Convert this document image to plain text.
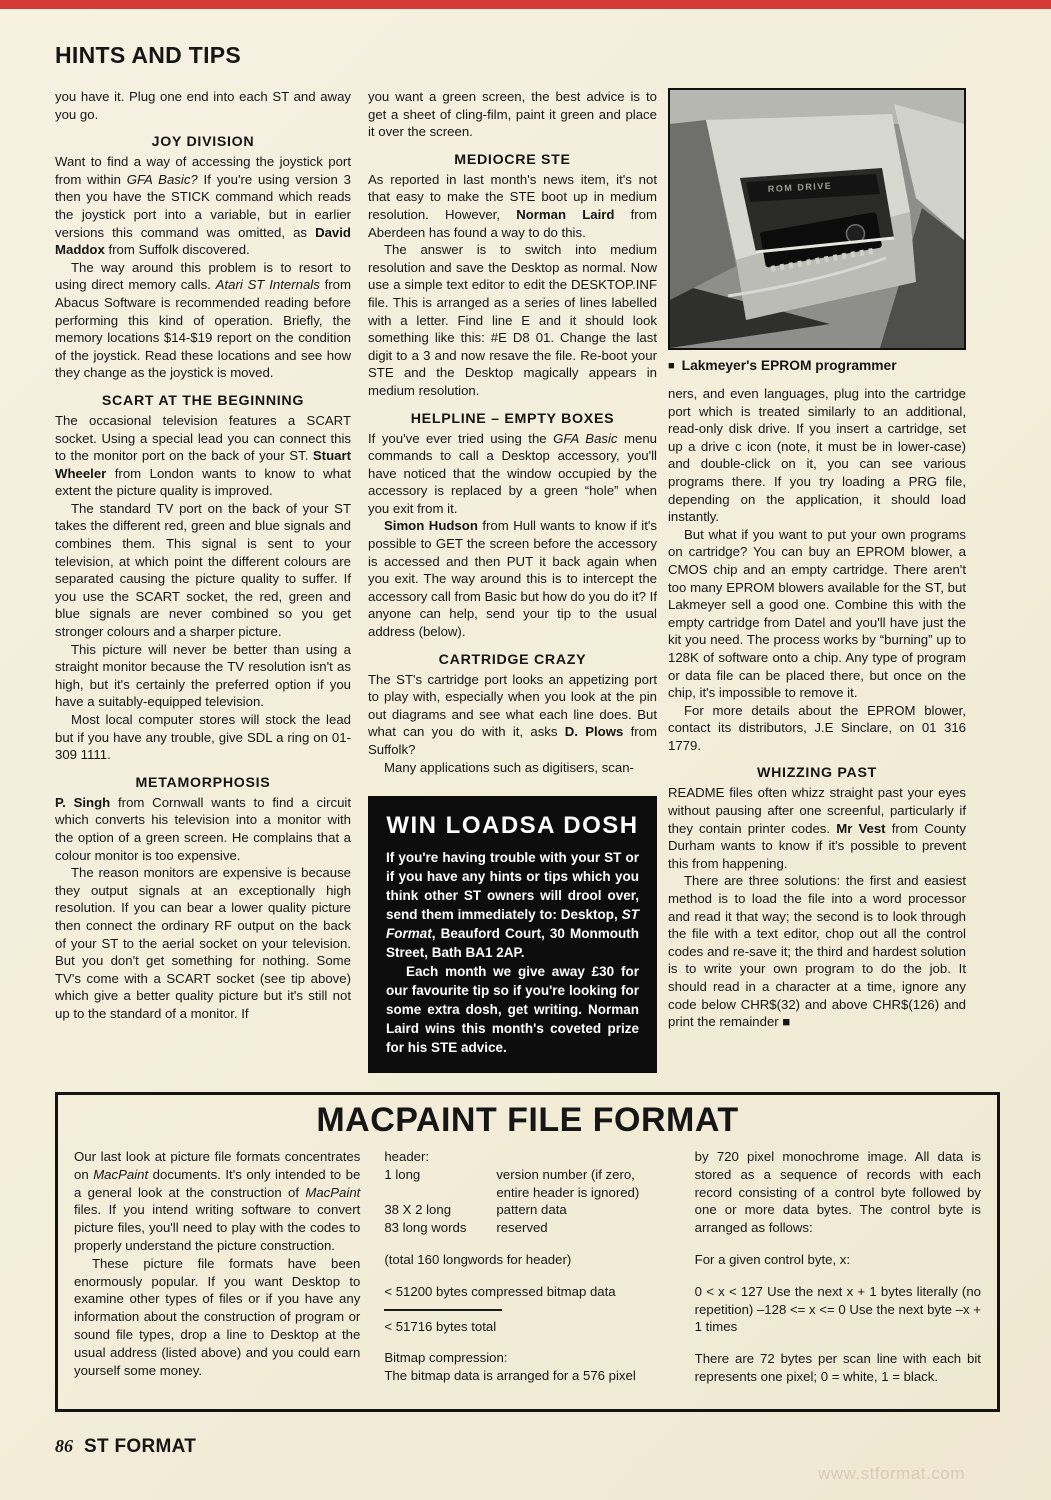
HINTS AND TIPS

you have it. Plug one end into each ST and away you go.

JOY DIVISION

Want to find a way of accessing the joystick port from within GFA Basic? If you're using version 3 then you have the STICK command which reads the joystick port into a variable, but in earlier versions this command was omitted, as David Maddox from Suffolk discovered.

The way around this problem is to resort to using direct memory calls. Atari ST Internals from Abacus Software is recommended reading before performing this kind of operation. Briefly, the memory locations $14-$19 report on the condition of the joystick. Read these locations and see how they change as the joystick is moved.

SCART AT THE BEGINNING

The occasional television features a SCART socket. Using a special lead you can connect this to the monitor port on the back of your ST. Stuart Wheeler from London wants to know to what extent the picture quality is improved.

The standard TV port on the back of your ST takes the different red, green and blue signals and combines them. This signal is sent to your television, at which point the different colours are separated causing the picture quality to suffer. If you use the SCART socket, the red, green and blue signals are never combined so you get stronger colours and a sharper picture.

This picture will never be better than using a straight monitor because the TV resolution isn't as high, but it's certainly the preferred option if you have a suitably-equipped television.

Most local computer stores will stock the lead but if you have any trouble, give SDL a ring on 01-309 1111.

METAMORPHOSIS

P. Singh from Cornwall wants to find a circuit which converts his television into a monitor with the option of a green screen. He complains that a colour monitor is too expensive.

The reason monitors are expensive is because they output signals at an exceptionally high resolution. If you can bear a lower quality picture then connect the ordinary RF output on the back of your ST to the aerial socket on your television. But you don't get something for nothing. Some TV's come with a SCART socket (see tip above) which give a better quality picture but it's still not up to the standard of a monitor. If

you want a green screen, the best advice is to get a sheet of cling-film, paint it green and place it over the screen.

MEDIOCRE STE

As reported in last month's news item, it's not that easy to make the STE boot up in medium resolution. However, Norman Laird from Aberdeen has found a way to do this.

The answer is to switch into medium resolution and save the Desktop as normal. Now use a simple text editor to edit the DESKTOP.INF file. This is arranged as a series of lines labelled with a letter. Find line E and it should look something like this: #E D8 01. Change the last digit to a 3 and now resave the file. Re-boot your STE and the Desktop magically appears in medium resolution.

HELPLINE – EMPTY BOXES

If you've ever tried using the GFA Basic menu commands to call a Desktop accessory, you'll have noticed that the window occupied by the accessory is replaced by a green “hole” when you exit from it.

Simon Hudson from Hull wants to know if it's possible to GET the screen before the accessory is accessed and then PUT it back again when you exit. The way around this is to intercept the accessory call from Basic but how do you do it? If anyone can help, send your tip to the usual address (below).

CARTRIDGE CRAZY

The ST's cartridge port looks an appetizing port to play with, especially when you look at the pin out diagrams and see what each line does. But what can you do with it, asks D. Plows from Suffolk?

Many applications such as digitisers, scan-

WIN LOADSA DOSH

If you're having trouble with your ST or if you have any hints or tips which you think other ST owners will drool over, send them immediately to: Desktop, ST Format, Beauford Court, 30 Monmouth Street, Bath BA1 2AP.

Each month we give away £30 for our favourite tip so if you're looking for some extra dosh, get writing. Norman Laird wins this month's coveted prize for his STE advice.

ROM DRIVE
■ Lakmeyer's EPROM programmer

ners, and even languages, plug into the cartridge port which is treated similarly to an additional, read-only disk drive. If you insert a cartridge, set up a drive c icon (note, it must be in lower-case) and double-click on it, you can see various programs there. If you try loading a PRG file, depending on the application, it should load instantly.

But what if you want to put your own programs on cartridge? You can buy an EPROM blower, a CMOS chip and an empty cartridge. There aren't too many EPROM blowers available for the ST, but Lakmeyer sell a good one. Combine this with the empty cartridge from Datel and you'll have just the kit you need. The process works by “burning” up to 128K of software onto a chip. Any type of program or data file can be placed there, but once on the chip, it's impossible to remove it.

For more details about the EPROM blower, contact its distributors, J.E Sinclare, on 01 316 1779.

WHIZZING PAST

README files often whizz straight past your eyes without pausing after one screenful, particularly if they contain printer codes. Mr Vest from County Durham wants to know if it's possible to prevent this from happening.

There are three solutions: the first and easiest method is to load the file into a word processor and read it that way; the second is to look through the file with a text editor, chop out all the control codes and re-save it; the third and hardest solution is to write your own program to do the job. It should read in a character at a time, ignore any code below CHR$(32) and above CHR$(126) and print the remainder ■

MACPAINT FILE FORMAT

Our last look at picture file formats concentrates on MacPaint documents. It's only intended to be a general look at the construction of MacPaint files. If you intend writing software to convert picture files, you'll need to play with the codes to properly understand the picture construction.

These picture file formats have been enormously popular. If you want Desktop to examine other types of files or if you have any information about the construction of program or sound file types, drop a line to Desktop at the usual address (listed above) and you could earn yourself some money.

header:
1 long	version number (if zero, entire header is ignored)
38 X 2 long	pattern data
83 long words	reserved
(total 160 longwords for header)
< 51200 bytes compressed bitmap data
< 51716 bytes total
Bitmap compression:
The bitmap data is arranged for a 576 pixel

by 720 pixel monochrome image. All data is stored as a sequence of records with each record consisting of a control byte followed by one or more data bytes. The control byte is arranged as follows:

For a given control byte, x:

0 < x < 127 Use the next x + 1 bytes literally (no repetition) –128 <= x <= 0 Use the next byte –x + 1 times

There are 72 bytes per scan line with each bit represents one pixel; 0 = white, 1 = black.

86 ST FORMAT
www.stformat.com
